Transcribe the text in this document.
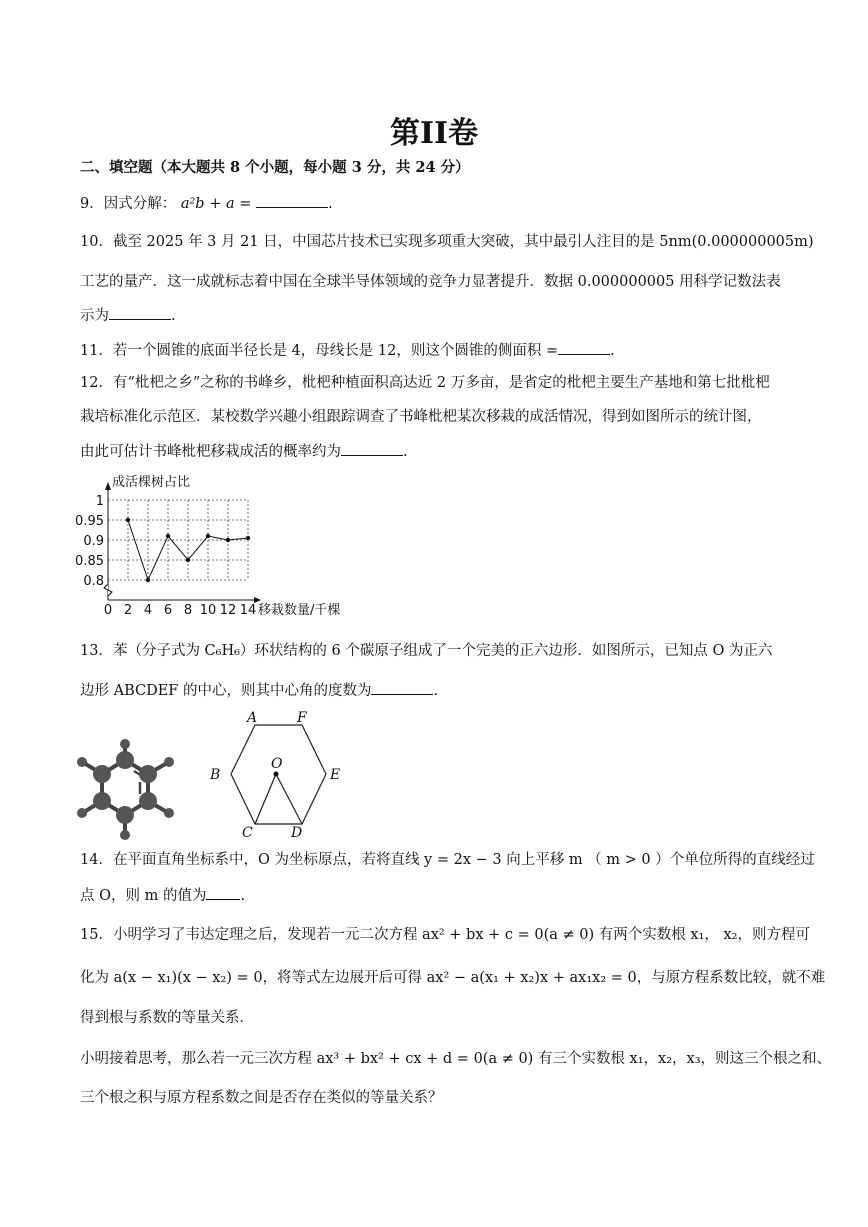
第II卷
二、填空题（本大题共 8 个小题，每小题 3 分，共 24 分）
9．因式分解： a²b + a =	.
10．截至 2025 年 3 月 21 日，中国芯片技术已实现多项重大突破，其中最引人注目的是 5nm(0.000000005m)
工艺的量产．这一成就标志着中国在全球半导体领域的竞争力显著提升．数据 0.000000005 用科学记数法表
示为	.
11．若一个圆锥的底面半径长是 4，母线长是 12，则这个圆锥的侧面积 =	.
12．有“枇杷之乡”之称的书峰乡，枇杷种植面积高达近 2 万多亩，是省定的枇杷主要生产基地和第七批枇杷
栽培标准化示范区．某校数学兴趣小组跟踪调查了书峰枇杷某次移栽的成活情况，得到如图所示的统计图，
由此可估计书峰枇杷移栽成活的概率约为	.
0.8
0.85
0.9
0.95
1
0 2 4 6 8 10 12 14
成活棵树占比
移栽数量/千棵
13．苯（分子式为 C₆H₆）环状结构的 6 个碳原子组成了一个完美的正六边形．如图所示，已知点 O 为正六
边形 ABCDEF 的中心，则其中心角的度数为	.
A	F
B	E
C	D
O
14．在平面直角坐标系中，O 为坐标原点，若将直线 y = 2x − 3 向上平移 m （ m > 0 ）个单位所得的直线经过
点 O，则 m 的值为 .
15．小明学习了韦达定理之后，发现若一元二次方程 ax² + bx + c = 0(a ≠ 0) 有两个实数根 x₁， x₂，则方程可
化为 a(x − x₁)(x − x₂) = 0，将等式左边展开后可得 ax² − a(x₁ + x₂)x + ax₁x₂ = 0，与原方程系数比较，就不难
得到根与系数的等量关系．
小明接着思考，那么若一元三次方程 ax³ + bx² + cx + d = 0(a ≠ 0) 有三个实数根 x₁，x₂，x₃，则这三个根之和、
三个根之积与原方程系数之间是否存在类似的等量关系？
